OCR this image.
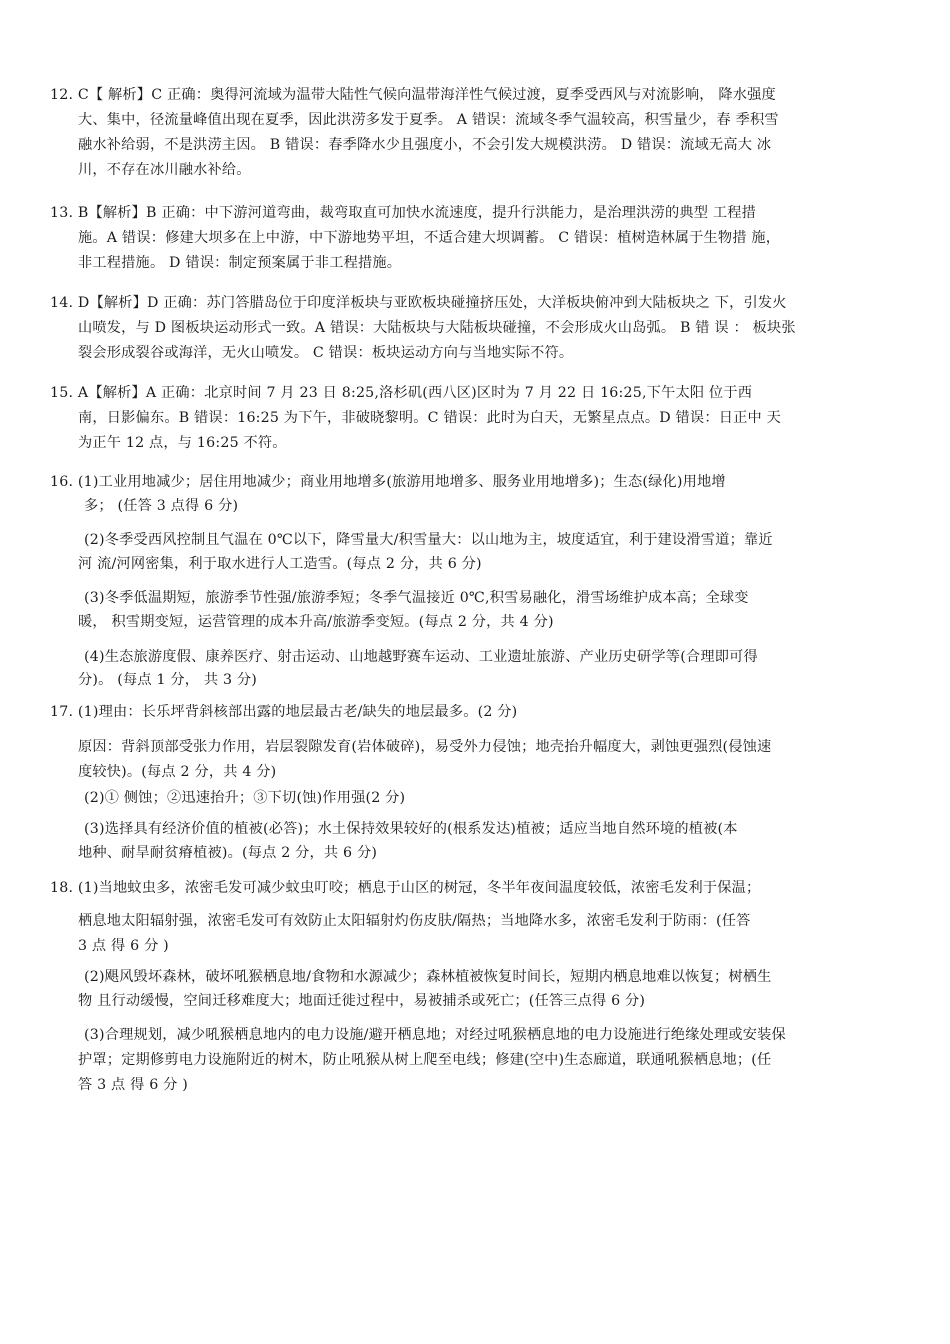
12. C【 解析】C 正确：奥得河流域为温带大陆性气候向温带海洋性气候过渡，夏季受西风与对流影响， 降水强度
大、集中，径流量峰值出现在夏季，因此洪涝多发于夏季。 A 错误：流域冬季气温较高，积雪量少，春 季积雪
融水补给弱，不是洪涝主因。 B 错误：春季降水少且强度小，不会引发大规模洪涝。 D 错误：流域无高大 冰
川，不存在冰川融水补给。
13. B【解析】B 正确：中下游河道弯曲，裁弯取直可加快水流速度，提升行洪能力，是治理洪涝的典型 工程措
施。A 错误：修建大坝多在上中游，中下游地势平坦，不适合建大坝调蓄。 C 错误：植树造林属于生物措 施，
非工程措施。 D 错误：制定预案属于非工程措施。
14. D【解析】D 正确：苏门答腊岛位于印度洋板块与亚欧板块碰撞挤压处，大洋板块俯冲到大陆板块之 下，引发火
山喷发，与 D 图板块运动形式一致。A 错误：大陆板块与大陆板块碰撞，不会形成火山岛弧。 B 错 误 ： 板块张
裂会形成裂谷或海洋，无火山喷发。 C 错误：板块运动方向与当地实际不符。
15. A【解析】A 正确：北京时间 7 月 23 日 8:25,洛杉矶(西八区)区时为 7 月 22 日 16:25,下午太阳 位于西
南，日影偏东。B 错误：16:25 为下午，非破晓黎明。C 错误：此时为白天，无繁星点点。D 错误：日正中 天
为正午 12 点，与 16:25 不符。
16. (1)工业用地减少；居住用地减少；商业用地增多(旅游用地增多、服务业用地增多)；生态(绿化)用地增
多； (任答 3 点得 6 分)
(2)冬季受西风控制且气温在 0℃以下，降雪量大/积雪量大：以山地为主，坡度适宜，利于建设滑雪道；靠近
河 流/河网密集，利于取水进行人工造雪。(每点 2 分，共 6 分)
(3)冬季低温期短，旅游季节性强/旅游季短；冬季气温接近 0℃,积雪易融化，滑雪场维护成本高；全球变
暖， 积雪期变短，运营管理的成本升高/旅游季变短。(每点 2 分，共 4 分)
(4)生态旅游度假、康养医疗、射击运动、山地越野赛车运动、工业遗址旅游、产业历史研学等(合理即可得
分)。 (每点 1 分， 共 3 分)
17. (1)理由：长乐坪背斜核部出露的地层最古老/缺失的地层最多。(2 分)
原因：背斜顶部受张力作用，岩层裂隙发育(岩体破碎)，易受外力侵蚀；地壳抬升幅度大，剥蚀更强烈(侵蚀速
度较快)。(每点 2 分，共 4 分)
(2)① 侧蚀；②迅速抬升；③下切(蚀)作用强(2 分)
(3)选择具有经济价值的植被(必答)；水土保持效果较好的(根系发达)植被；适应当地自然环境的植被(本
地种、耐旱耐贫瘠植被)。(每点 2 分，共 6 分)
18. (1)当地蚊虫多，浓密毛发可减少蚊虫叮咬；栖息于山区的树冠，冬半年夜间温度较低，浓密毛发利于保温；
栖息地太阳辐射强，浓密毛发可有效防止太阳辐射灼伤皮肤/隔热；当地降水多，浓密毛发利于防雨：(任答
3 点 得 6 分 )
(2)飓风毁坏森林，破坏吼猴栖息地/食物和水源减少；森林植被恢复时间长，短期内栖息地难以恢复；树栖生
物 且行动缓慢，空间迁移难度大；地面迁徙过程中，易被捕杀或死亡；(任答三点得 6 分)
(3)合理规划，减少吼猴栖息地内的电力设施/避开栖息地；对经过吼猴栖息地的电力设施进行绝缘处理或安装保
护罩；定期修剪电力设施附近的树木，防止吼猴从树上爬至电线；修建(空中)生态廊道，联通吼猴栖息地；(任
答 3 点 得 6 分 )
